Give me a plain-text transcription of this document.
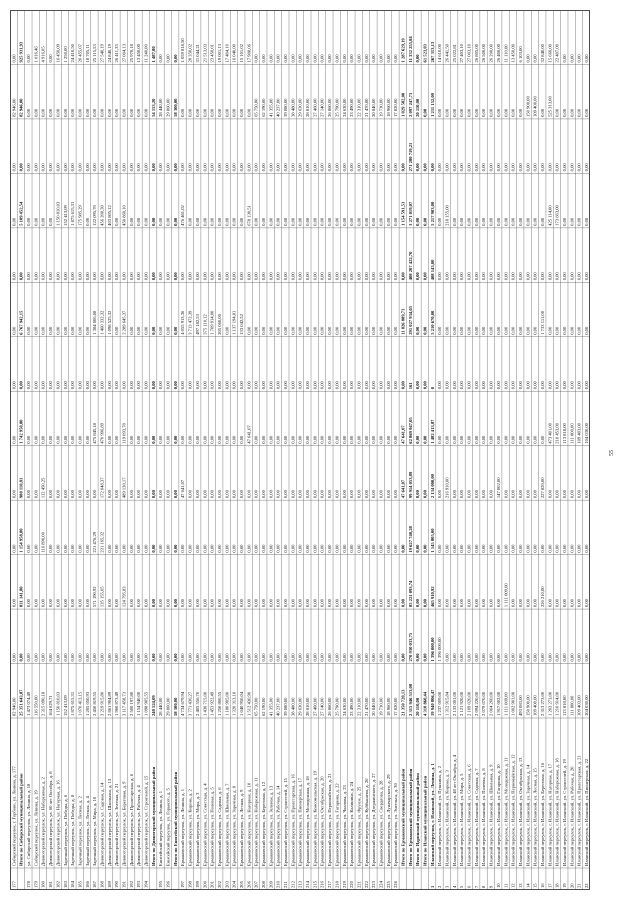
177
Сибирский переулок, г. Горбово, ул. Ленина, д. 177
82 946,00
0,00
0,00
0,00
0,00
0,00
0,00
0,00
0,00
0,00
0,00
82 946,00
0,00
Итого по Сибирский муниципальный район
25 351 643,87
0,00
831 141,80
1 154 958,80
980 110,81
1 742 950,80
0,00
6 767 942,15
0,00
5 109 452,54
0,00
82 946,00
925 931,93
178
ул. Сибирский переулок, ул. Ленина, д. 18
1 473 074,49
0,00
0,00
0,00
0,00
0,00
0,00
0,00
0,00
0,00
0,00
0,00
0,00
179
Сибирский переулок, ул. Ленина, д. 19
116 550,00
0,00
0,00
0,00
0,00
0,00
0,00
0,00
0,00
0,00
0,00
0,00
1 016,46
180
Дивногорский переулок, ул. Набережная, д. 2
2 315 090,18
0,00
0,00
116 890,00
112 450,25
0,00
0,00
0,00
0,00
0,00
0,00
0,00
4 916,05
181
Дивногорский переулок, ул. 60 лет Октября, д. 8
164 629,71
0,00
0,00
0,00
0,00
0,00
0,00
0,00
0,00
0,00
0,00
0,00
0,00
182
Дивногорский переулок, ул. Нагорная, д. 16
1 150 810,03
0,00
0,00
0,00
0,00
0,00
0,00
0,00
0,00
1 150 810,03
0,00
0,00
16 450,09
183
Заречный переулок, ул. Победы, д. 6
152 413,09
0,00
0,00
0,00
0,00
0,00
0,00
0,00
0,00
152 413,09
0,00
0,00
1 250,00
184
Заречный переулок, ул. Победы, д. 8
1 875 615,31
0,00
0,00
0,00
0,00
0,00
0,00
0,00
0,00
1 875 615,31
0,00
0,00
24 410,50
185
Заречный переулок, ул. Лесная, д. 2
1 070 413,15
0,00
0,00
0,00
0,00
0,00
0,00
0,00
0,00
175 985,29
0,00
0,00
20 455,07
186
Заречный переулок, ул. Лесная, д. 4
1 205 050,93
0,00
0,00
0,00
0,00
0,00
0,00
0,00
0,00
0,00
0,00
0,00
18 705,11
187
Заречный переулок, ул. Мира, д. 10
2 450 819,55
0,00
571 190,92
221 476,29
0,00
475 845,18
0,00
1 384 006,08
0,00
122 095,70
0,00
0,00
25 115,53
188
Дивногорский переулок, ул. Садовая, д. 14
3 219 915,80
0,00
135 155,05
231 165,32
172 048,37
470 996,89
0,00
1 460 332,32
0,00
456 200,30
0,00
0,00
27 540,19
189
Дивногорский переулок, ул. Школьная, д. 13
2 861 904,89
0,00
0,00
0,00
0,00
0,00
0,00
1 098 525,32
0,00
403 805,12
0,00
0,00
24 840,19
190
Дивногорский переулок, ул. Зеленая, д. 21
1 960 873,49
0,00
0,00
0,00
0,00
0,00
0,00
0,00
0,00
0,00
0,00
0,00
26 411,35
191
Дивногорский переулок, ул. Береговая, д. 9
3 117 458,73
0,00
124 795,83
0,00
489 130,17
119 093,78
0,00
2 289 645,37
0,00
450 860,10
0,00
0,00
27 004,13
192
Дивногорский переулок, ул. Пролетарская, д. 6
2 500 197,80
0,00
0,00
0,00
0,00
0,00
0,00
0,00
0,00
0,00
0,00
0,00
25 970,18
193
Дивногорский переулок, ул. Рабочая, д. 4
1 154 940,00
0,00
0,00
0,00
0,00
0,00
0,00
0,00
0,00
0,00
0,00
0,00
13 450,00
194
Дивногорский переулок, ул. Строителей, д. 15
1 098 905,55
0,00
0,00
0,00
0,00
0,00
0,00
0,00
0,00
0,00
0,00
0,00
11 240,00
Итого по Дивногорский муниципальный район
240 524,09
0,00
0,00
0,00
0,00
0,00
0,00
0,00
0,00
0,00
0,00
54 153,20
1 487,80
195
Енисейский переулок, ул. Ленина, д. 1
28 440,00
0,00
0,00
0,00
0,00
0,00
0,00
0,00
0,00
0,00
0,00
28 440,00
0,00
196
Енисейский переулок, ул. Горького, д. 5
29 860,00
0,00
0,00
0,00
0,00
0,00
0,00
0,00
0,00
0,00
0,00
29 860,00
0,00
Итого по Енисейский муниципальный район
58 300,00
0,00
0,00
0,00
0,00
0,00
0,00
0,00
0,00
0,00
0,00
58 300,00
0,00
197
Ермаковский переулок, ул. Ленина, д. 1
4 734 679,94
0,00
0,00
0,00
47 641,07
0,00
0,00
4 055 913,36
0,00
476 461,02
0,00
0,00
1 059 818,50
198
Ермаковский переулок, ул. Кирова, д. 2
3 771 436,27
0,00
0,00
0,00
0,00
0,00
0,00
3 713 472,39
0,00
0,00
0,00
0,00
20 350,02
199
Ермаковский переулок, ул. Мира, д. 3
2 405 556,70
0,00
0,00
0,00
0,00
0,00
0,00
497 182,53
0,00
0,00
0,00
0,00
31 044,21
200
Ермаковский переулок, ул. Советская, д. 4
1 430 715,00
0,00
0,00
0,00
0,00
0,00
0,00
375 110,12
0,00
0,00
0,00
0,00
21 513,03
201
Ермаковский переулок, ул. Полевая, д. 5
1 453 922,49
0,00
0,00
0,00
0,00
0,00
0,00
1 709 914,00
0,00
0,00
0,00
0,00
23 450,01
202
Ермаковский переулок, ул. Садовая, д. 6
1 250 800,55
0,00
0,00
0,00
0,00
0,00
0,00
205 060,00
0,00
0,00
0,00
0,00
19 001,13
203
Ермаковский переулок, ул. Школьная, д. 7
1 180 905,00
0,00
0,00
0,00
0,00
0,00
0,00
0,00
0,00
0,00
0,00
0,00
17 404,10
204
Ермаковский переулок, ул. Заречная, д. 8
1 320 313,10
0,00
0,00
0,00
0,00
0,00
0,00
1 137 194,81
0,00
0,00
0,00
0,00
16 040,00
205
Ермаковский переулок, ул. Лесная, д. 9
1 040 950,04
0,00
0,00
0,00
0,00
0,00
0,00
133 042,52
0,00
0,00
0,00
0,00
15 101,02
206
Ермаковский переулок, ул. Нагорная, д. 10
1 512 430,90
0,00
0,00
0,00
0,00
47 641,07
0,00
0,00
0,00
678 130,51
0,00
0,00
17 908,06
207
Ермаковский переулок, ул. Набережная, д. 11
65 750,00
0,00
0,00
0,00
0,00
0,00
0,00
0,00
0,00
0,00
0,00
65 750,00
0,00
208
Ермаковский переулок, ул. Береговая, д. 12
62 190,00
0,00
0,00
0,00
0,00
0,00
0,00
0,00
0,00
0,00
0,00
62 190,00
0,00
209
Ермаковский переулок, ул. Зеленая, д. 13
41 355,00
0,00
0,00
0,00
0,00
0,00
0,00
0,00
0,00
0,00
0,00
41 355,00
0,00
210
Ермаковский переулок, ул. Рабочая, д. 14
40 237,00
0,00
0,00
0,00
0,00
0,00
0,00
0,00
0,00
0,00
0,00
40 237,00
0,00
211
Ермаковский переулок, ул. Строителей, д. 15
39 080,00
0,00
0,00
0,00
0,00
0,00
0,00
0,00
0,00
0,00
0,00
39 080,00
0,00
212
Ермаковский переулок, ул. Пролетарская, д. 16
38 480,00
0,00
0,00
0,00
0,00
0,00
0,00
0,00
0,00
0,00
0,00
38 480,00
0,00
213
Ермаковский переулок, ул. Пионерская, д. 17
29 630,00
0,00
0,00
0,00
0,00
0,00
0,00
0,00
0,00
0,00
0,00
29 630,00
0,00
214
Ермаковский переулок, ул. Молодежная, д. 18
28 810,00
0,00
0,00
0,00
0,00
0,00
0,00
0,00
0,00
0,00
0,00
28 810,00
0,00
215
Ермаковский переулок, ул. Комсомольская, д. 19
27 460,00
0,00
0,00
0,00
0,00
0,00
0,00
0,00
0,00
0,00
0,00
27 460,00
0,00
216
Ермаковский переулок, ул. Октябрьская, д. 20
27 140,00
0,00
0,00
0,00
0,00
0,00
0,00
0,00
0,00
0,00
0,00
27 140,00
0,00
217
Ермаковский переулок, ул. Первомайская, д. 21
26 860,00
0,00
0,00
0,00
0,00
0,00
0,00
0,00
0,00
0,00
0,00
26 860,00
0,00
218
Ермаковский переулок, ул. Гагарина, д. 22
25 790,00
0,00
0,00
0,00
0,00
0,00
0,00
0,00
0,00
0,00
0,00
25 790,00
0,00
219
Ермаковский переулок, ул. Чкалова, д. 23
24 630,00
0,00
0,00
0,00
0,00
0,00
0,00
0,00
0,00
0,00
0,00
24 630,00
0,00
220
Ермаковский переулок, ул. Калинина, д. 24
23 490,00
0,00
0,00
0,00
0,00
0,00
0,00
0,00
0,00
0,00
0,00
23 490,00
0,00
221
Ермаковский переулок, ул. Фрунзе, д. 25
22 310,00
0,00
0,00
0,00
0,00
0,00
0,00
0,00
0,00
0,00
0,00
22 310,00
0,00
222
Ермаковский переулок, ул. Куйбышева, д. 26
21 470,00
0,00
0,00
0,00
0,00
0,00
0,00
0,00
0,00
0,00
0,00
21 470,00
0,00
223
Ермаковский переулок, ул. Дзержинского, д. 27
20 840,00
0,00
0,00
0,00
0,00
0,00
0,00
0,00
0,00
0,00
0,00
20 840,00
0,00
224
Ермаковский переулок, ул. Свердлова, д. 28
19 730,00
0,00
0,00
0,00
0,00
0,00
0,00
0,00
0,00
0,00
0,00
19 730,00
0,00
225
Ермаковский переулок, ул. Луначарского, д. 29
18 960,00
0,00
0,00
0,00
0,00
0,00
0,00
0,00
0,00
0,00
0,00
18 960,00
0,00
226
Ермаковский переулок, ул. Энгельса, д. 30
17 820,00
0,00
0,00
0,00
0,00
0,00
0,00
0,00
0,00
0,00
0,00
17 820,00
0,00
Итого по Ермаковский муниципальный район
21 350 720,13
0,00
0,00
0,00
47 641,07
47 641,07
0,00
11 826 889,73
0,00
1 154 591,53
0,00
1 029 582,00
1 287 629,19
Итого по Ермаковский муниципальный район
2 315 946 513,00
270 930 033,75
85 221 093,74
19 627 740,28
99 914 053,89
62 869 947,05
161
291 027 934,05
408 207 422,70
3 271 019,07
271 280 719,21
2 097 247,73
11 332 255,84
Итого по Идринский муниципальный район
20 110,00
0,00
0,00
0,00
0,00
0,00
0,00
0,00
0,00
0,00
0,00
20 110,00
0,00
Итого по Иланский муниципальный район
4 310 860,44
0,00
0,00
0,00
0,00
0,00
0,00
0,00
0,00
0,00
0,00
0,00
61 523,03
1
Иланский переулок, г. Иланский, ул. Ленина, д. 1
19 940 806,47
1 396 000,00
465 910,92
1 145 805,00
2 134 000,00
1 482 413,87
0
5 210 670,00
408 143,00
5 217 903,00
0,00
1 211 152,00
267 313,13
2
Иланский переулок, г. Иланский, ул. Пушкина, д. 2
1 237 009,00
1 396 000,00
0,00
0,00
0,00
0,00
0,00
0,00
0,00
0,00
0,00
0,00
14 610,00
3
Иланский переулок, г. Иланский, ул. Кирова, д. 3
1 312 915,84
0,00
0,00
0,00
216 910,00
0,00
0,00
0,00
0,00
218 155,00
0,00
0,00
26 441,50
4
Иланский переулок, г. Иланский, ул. 40 лет Октября, д. 4
2 133 001,00
0,00
0,00
0,00
0,00
0,00
0,00
0,00
0,00
0,00
0,00
0,00
25 022,81
5
Иланский переулок, г. Иланский, ул. Мира, д. 5
2 121 920,00
0,00
0,00
0,00
0,00
0,00
0,00
0,00
0,00
0,00
0,00
0,00
27 403,10
6
Иланский переулок, г. Иланский, ул. Советская, д. 6
2 109 020,00
0,00
0,00
0,00
0,00
0,00
0,00
0,00
0,00
0,00
0,00
0,00
27 003,10
7
Иланский переулок, г. Иланский, ул. Садовая, д. 7
2 094 220,00
0,00
0,00
0,00
0,00
0,00
0,00
0,00
0,00
0,00
0,00
0,00
26 805,00
8
Иланский переулок, г. Иланский, ул. Полевая, д. 8
2 079 070,00
0,00
0,00
0,00
0,00
0,00
0,00
0,00
0,00
0,00
0,00
0,00
26 500,00
9
Иланский переулок, г. Иланский, ул. Школьная, д. 9
2 064 260,00
0,00
0,00
0,00
0,00
0,00
0,00
0,00
0,00
0,00
0,00
0,00
26 200,00
10
Иланский переулок, г. Иланский, ул. Гагарина, д. 10
1 917 002,00
0,00
0,00
0,00
147 002,00
0,00
0,00
0,00
0,00
0,00
0,00
0,00
26 400,00
11
Иланский переулок, г. Иланский, ул. Молодежная, д. 11
1 111 009,00
0,00
1 111 009,00
0,00
0,00
0,00
0,00
0,00
0,00
0,00
0,00
0,00
11 110,00
12
Иланский переулок, г. Иланский, ул. Первомайская, д. 12
1 002 901,00
0,00
0,00
0,00
0,00
0,00
0,00
0,00
0,00
0,00
0,00
0,00
13 450,00
13
Иланский переулок, г. Иланский, ул. Октябрьская, д. 13
493 083,00
0,00
0,00
0,00
0,00
0,00
0,00
0,00
0,00
0,00
0,00
0,00
6 103,00
14
Иланский переулок, г. Иланский, ул. Заречная, д. 14
150 900,00
0,00
0,00
0,00
0,00
0,00
0,00
0,00
0,00
0,00
0,00
150 900,00
0,00
15
Иланский переулок, г. Иланский, ул. Лесная, д. 15
109 400,00
0,00
0,00
0,00
0,00
0,00
0,00
0,00
0,00
0,00
0,00
109 400,00
0,00
16
Иланский переулок, г. Иланский, ул. Береговая, д. 16
2 313 273,00
0,00
226 210,00
0,00
227 820,00
0,00
0,00
1 733 111,00
0,00
0,00
0,00
0,00
32 840,00
17
Иланский переулок, г. Иланский, ул. Нагорная, д. 17
1 203 273,00
0,00
0,00
0,00
0,00
473 401,00
0,00
0,00
0,00
425 114,00
0,00
525 313,00
15 660,00
18
Иланский переулок, г. Иланский, ул. Набережная, д. 18
1 210 914,00
0,00
0,00
0,00
0,00
210 453,00
0,00
0,00
0,00
173 663,00
0,00
0,00
22 407,00
19
Иланский переулок, г. Иланский, ул. Строителей, д. 19
113 818,00
0,00
0,00
0,00
0,00
113 818,00
0,00
0,00
0,00
0,00
0,00
0,00
0,00
20
Иланский переулок, г. Иланский, ул. Рабочая, д. 20
111 800,00
0,00
0,00
0,00
0,00
111 800,00
0,00
0,00
0,00
0,00
0,00
0,00
0,00
21
Иланский переулок, г. Иланский, ул. Пролетарская, д. 21
109 403,00
0,00
0,00
0,00
0,00
109 403,00
0,00
0,00
0,00
0,00
0,00
0,00
0,00
22
Иланский переулок, г. Иланский, ул. Пионерская, д. 22
104 030,00
0,00
0,00
0,00
0,00
104 030,00
0,00
0,00
0,00
0,00
0,00
0,00
0,00
55
